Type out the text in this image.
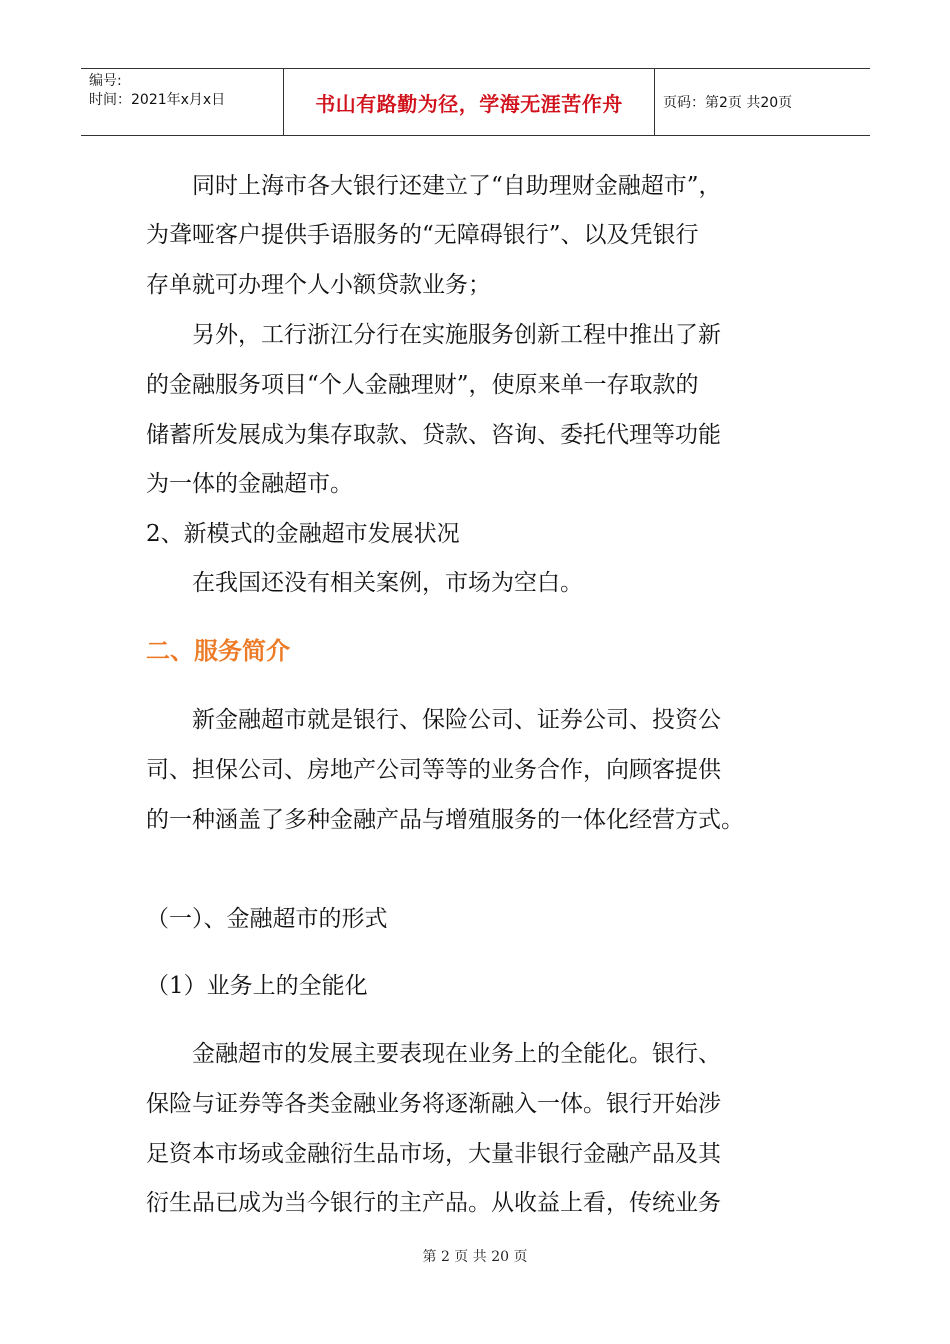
编号:
时间：2021年x月x日	书山有路勤为径，学海无涯苦作舟	页码：第2页 共20页
　　同时上海市各大银行还建立了“自助理财金融超市”，
为聋哑客户提供手语服务的“无障碍银行”、以及凭银行
存单就可办理个人小额贷款业务；
　　另外，工行浙江分行在实施服务创新工程中推出了新
的金融服务项目“个人金融理财”，使原来单一存取款的
储蓄所发展成为集存取款、贷款、咨询、委托代理等功能
为一体的金融超市。
2、新模式的金融超市发展状况
　　在我国还没有相关案例，市场为空白。
二、服务简介
　　新金融超市就是银行、保险公司、证券公司、投资公
司、担保公司、房地产公司等等的业务合作，向顾客提供
的一种涵盖了多种金融产品与增殖服务的一体化经营方式。
（一）、金融超市的形式
（1）业务上的全能化
　　金融超市的发展主要表现在业务上的全能化。银行、
保险与证券等各类金融业务将逐渐融入一体。银行开始涉
足资本市场或金融衍生品市场，大量非银行金融产品及其
衍生品已成为当今银行的主产品。从收益上看，传统业务
第 2 页 共 20 页
